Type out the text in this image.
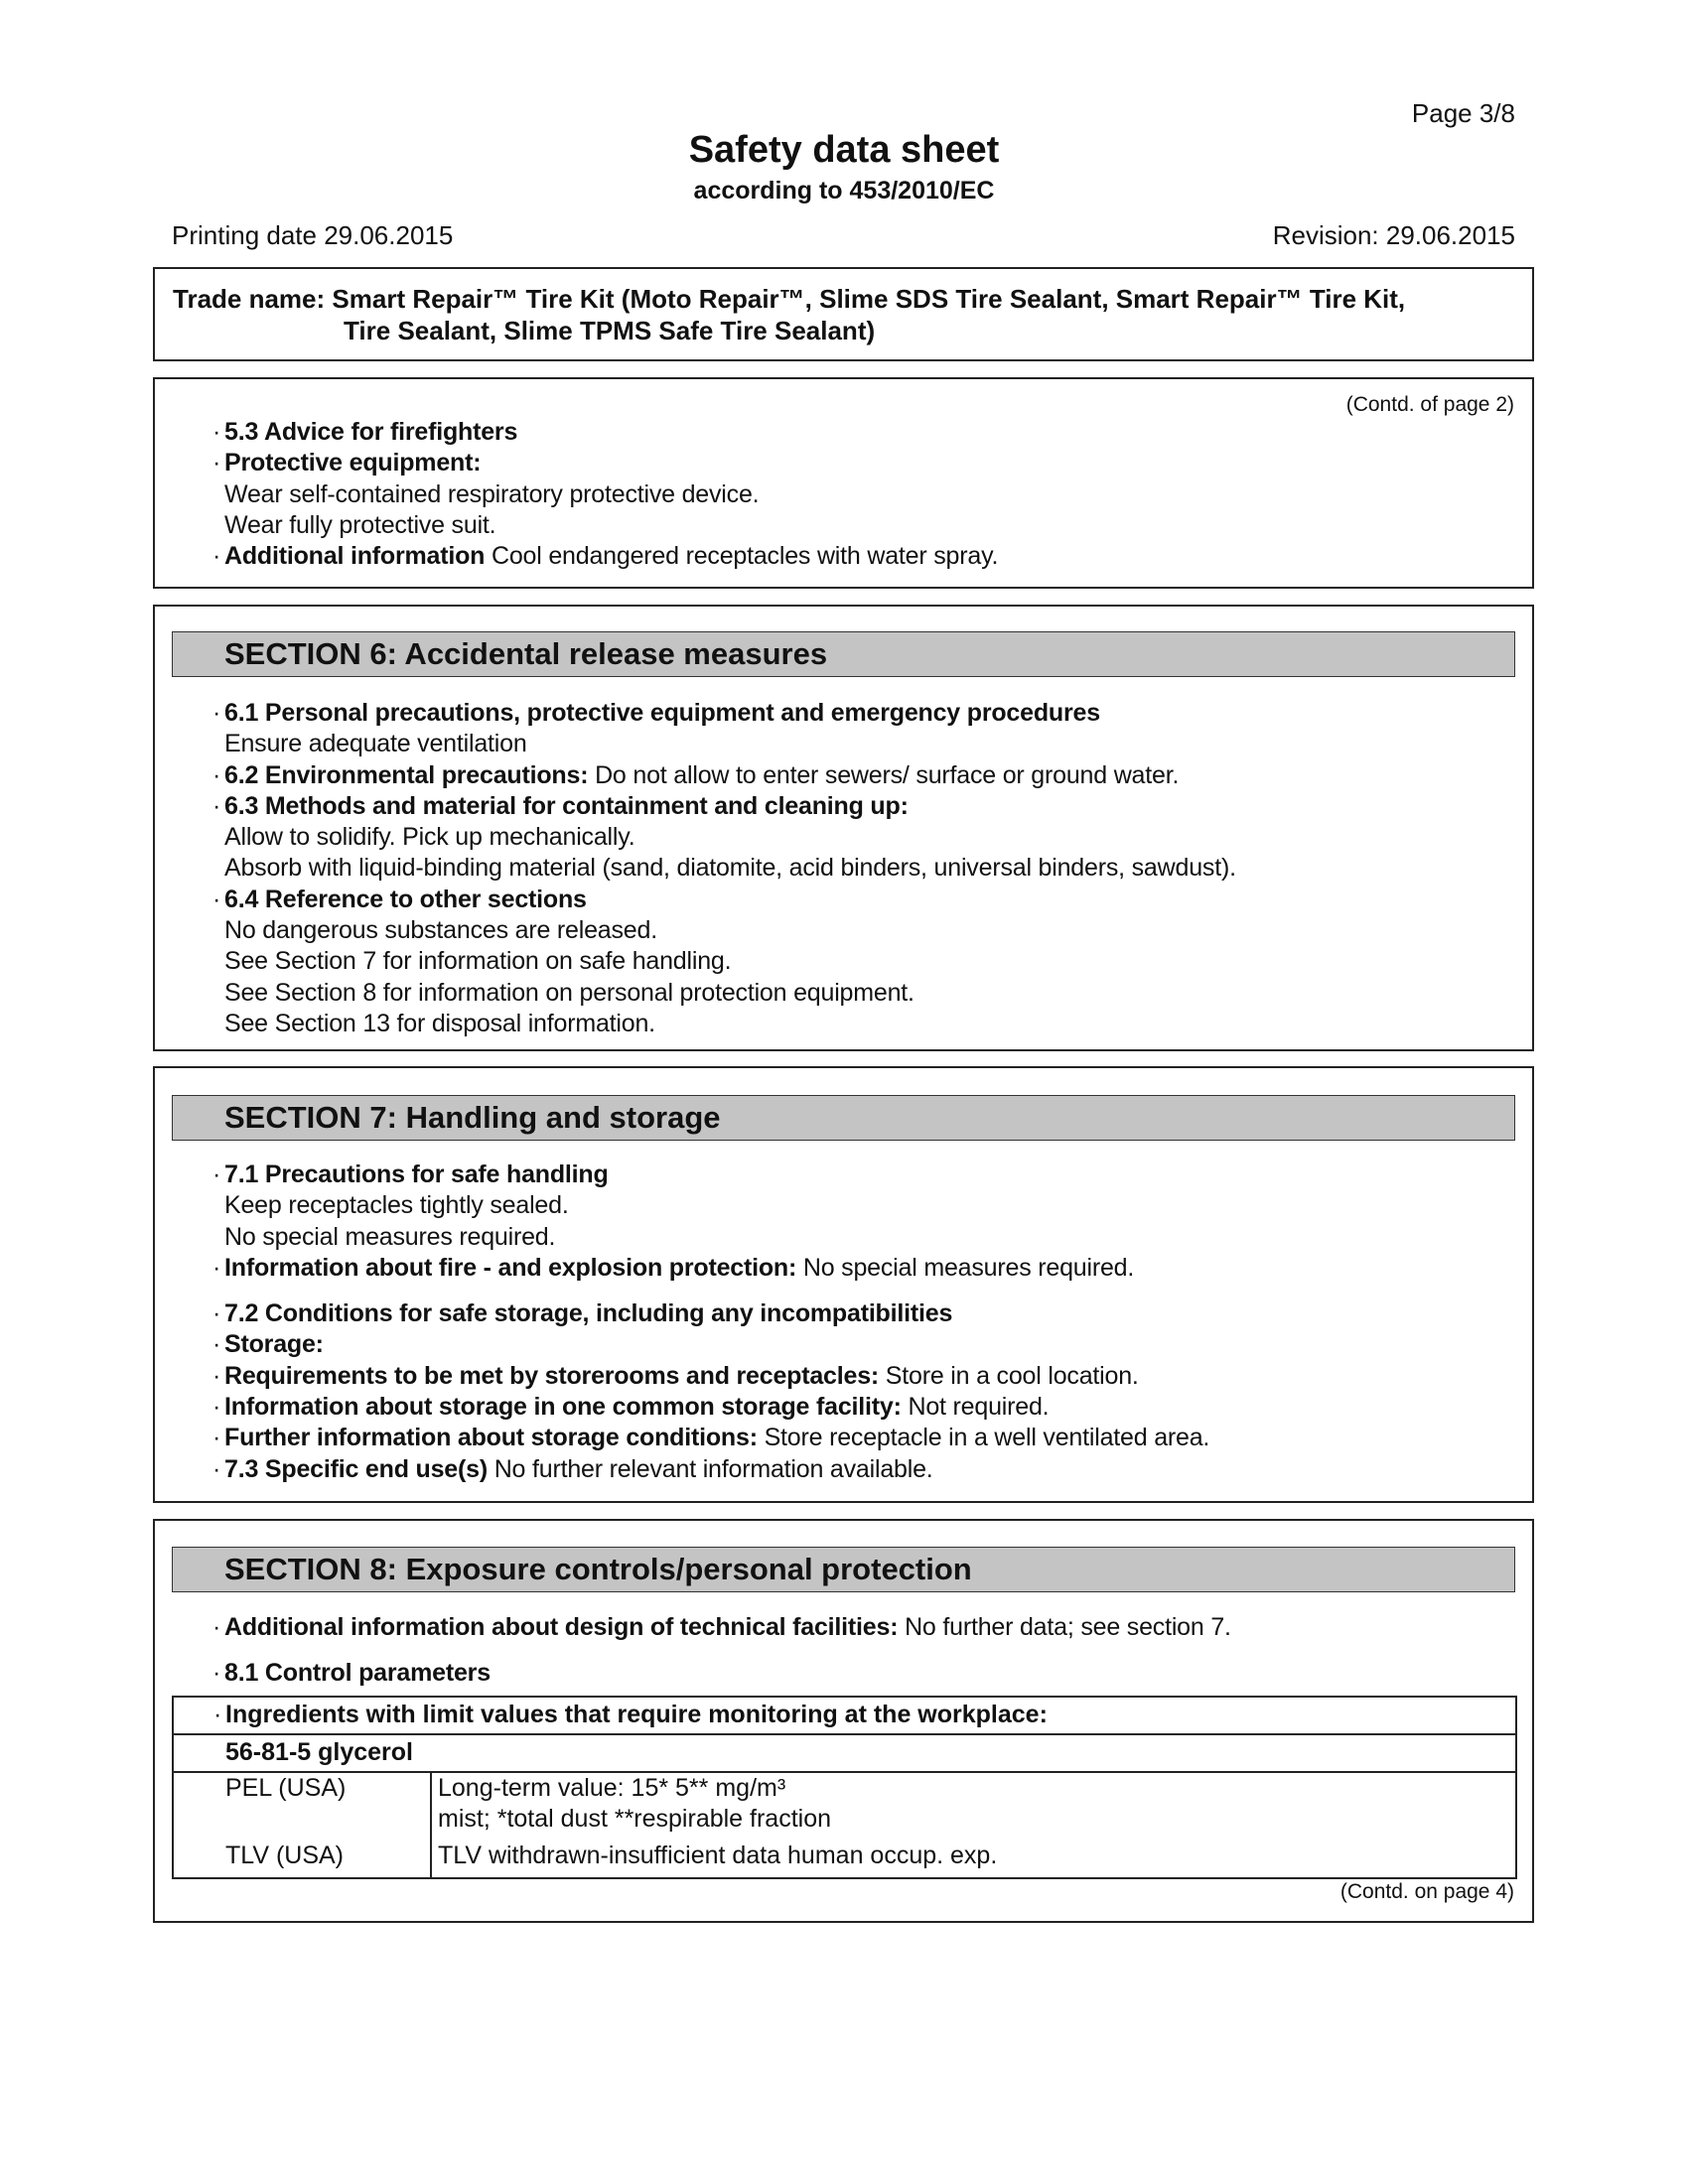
Page 3/8
Safety data sheet
according to 453/2010/EC
Printing date 29.06.2015	Revision: 29.06.2015
Trade name: Smart Repair™ Tire Kit (Moto Repair™, Slime SDS Tire Sealant, Smart Repair™ Tire Kit,
Tire Sealant, Slime TPMS Safe Tire Sealant)
(Contd. of page 2)
· 5.3 Advice for firefighters
· Protective equipment:
Wear self-contained respiratory protective device.
Wear fully protective suit.
· Additional information Cool endangered receptacles with water spray.
SECTION 6: Accidental release measures
· 6.1 Personal precautions, protective equipment and emergency procedures
Ensure adequate ventilation
· 6.2 Environmental precautions: Do not allow to enter sewers/ surface or ground water.
· 6.3 Methods and material for containment and cleaning up:
Allow to solidify. Pick up mechanically.
Absorb with liquid-binding material (sand, diatomite, acid binders, universal binders, sawdust).
· 6.4 Reference to other sections
No dangerous substances are released.
See Section 7 for information on safe handling.
See Section 8 for information on personal protection equipment.
See Section 13 for disposal information.
SECTION 7: Handling and storage
· 7.1 Precautions for safe handling
Keep receptacles tightly sealed.
No special measures required.
· Information about fire - and explosion protection: No special measures required.
· 7.2 Conditions for safe storage, including any incompatibilities
· Storage:
· Requirements to be met by storerooms and receptacles: Store in a cool location.
· Information about storage in one common storage facility: Not required.
· Further information about storage conditions: Store receptacle in a well ventilated area.
· 7.3 Specific end use(s) No further relevant information available.
SECTION 8: Exposure controls/personal protection
· Additional information about design of technical facilities: No further data; see section 7.
· 8.1 Control parameters
· Ingredients with limit values that require monitoring at the workplace:
56-81-5 glycerol	
PEL (USA)	Long-term value: 15* 5** mg/m³
mist; *total dust **respirable fraction

TLV (USA)	TLV withdrawn-insufficient data human occup. exp.
(Contd. on page 4)
